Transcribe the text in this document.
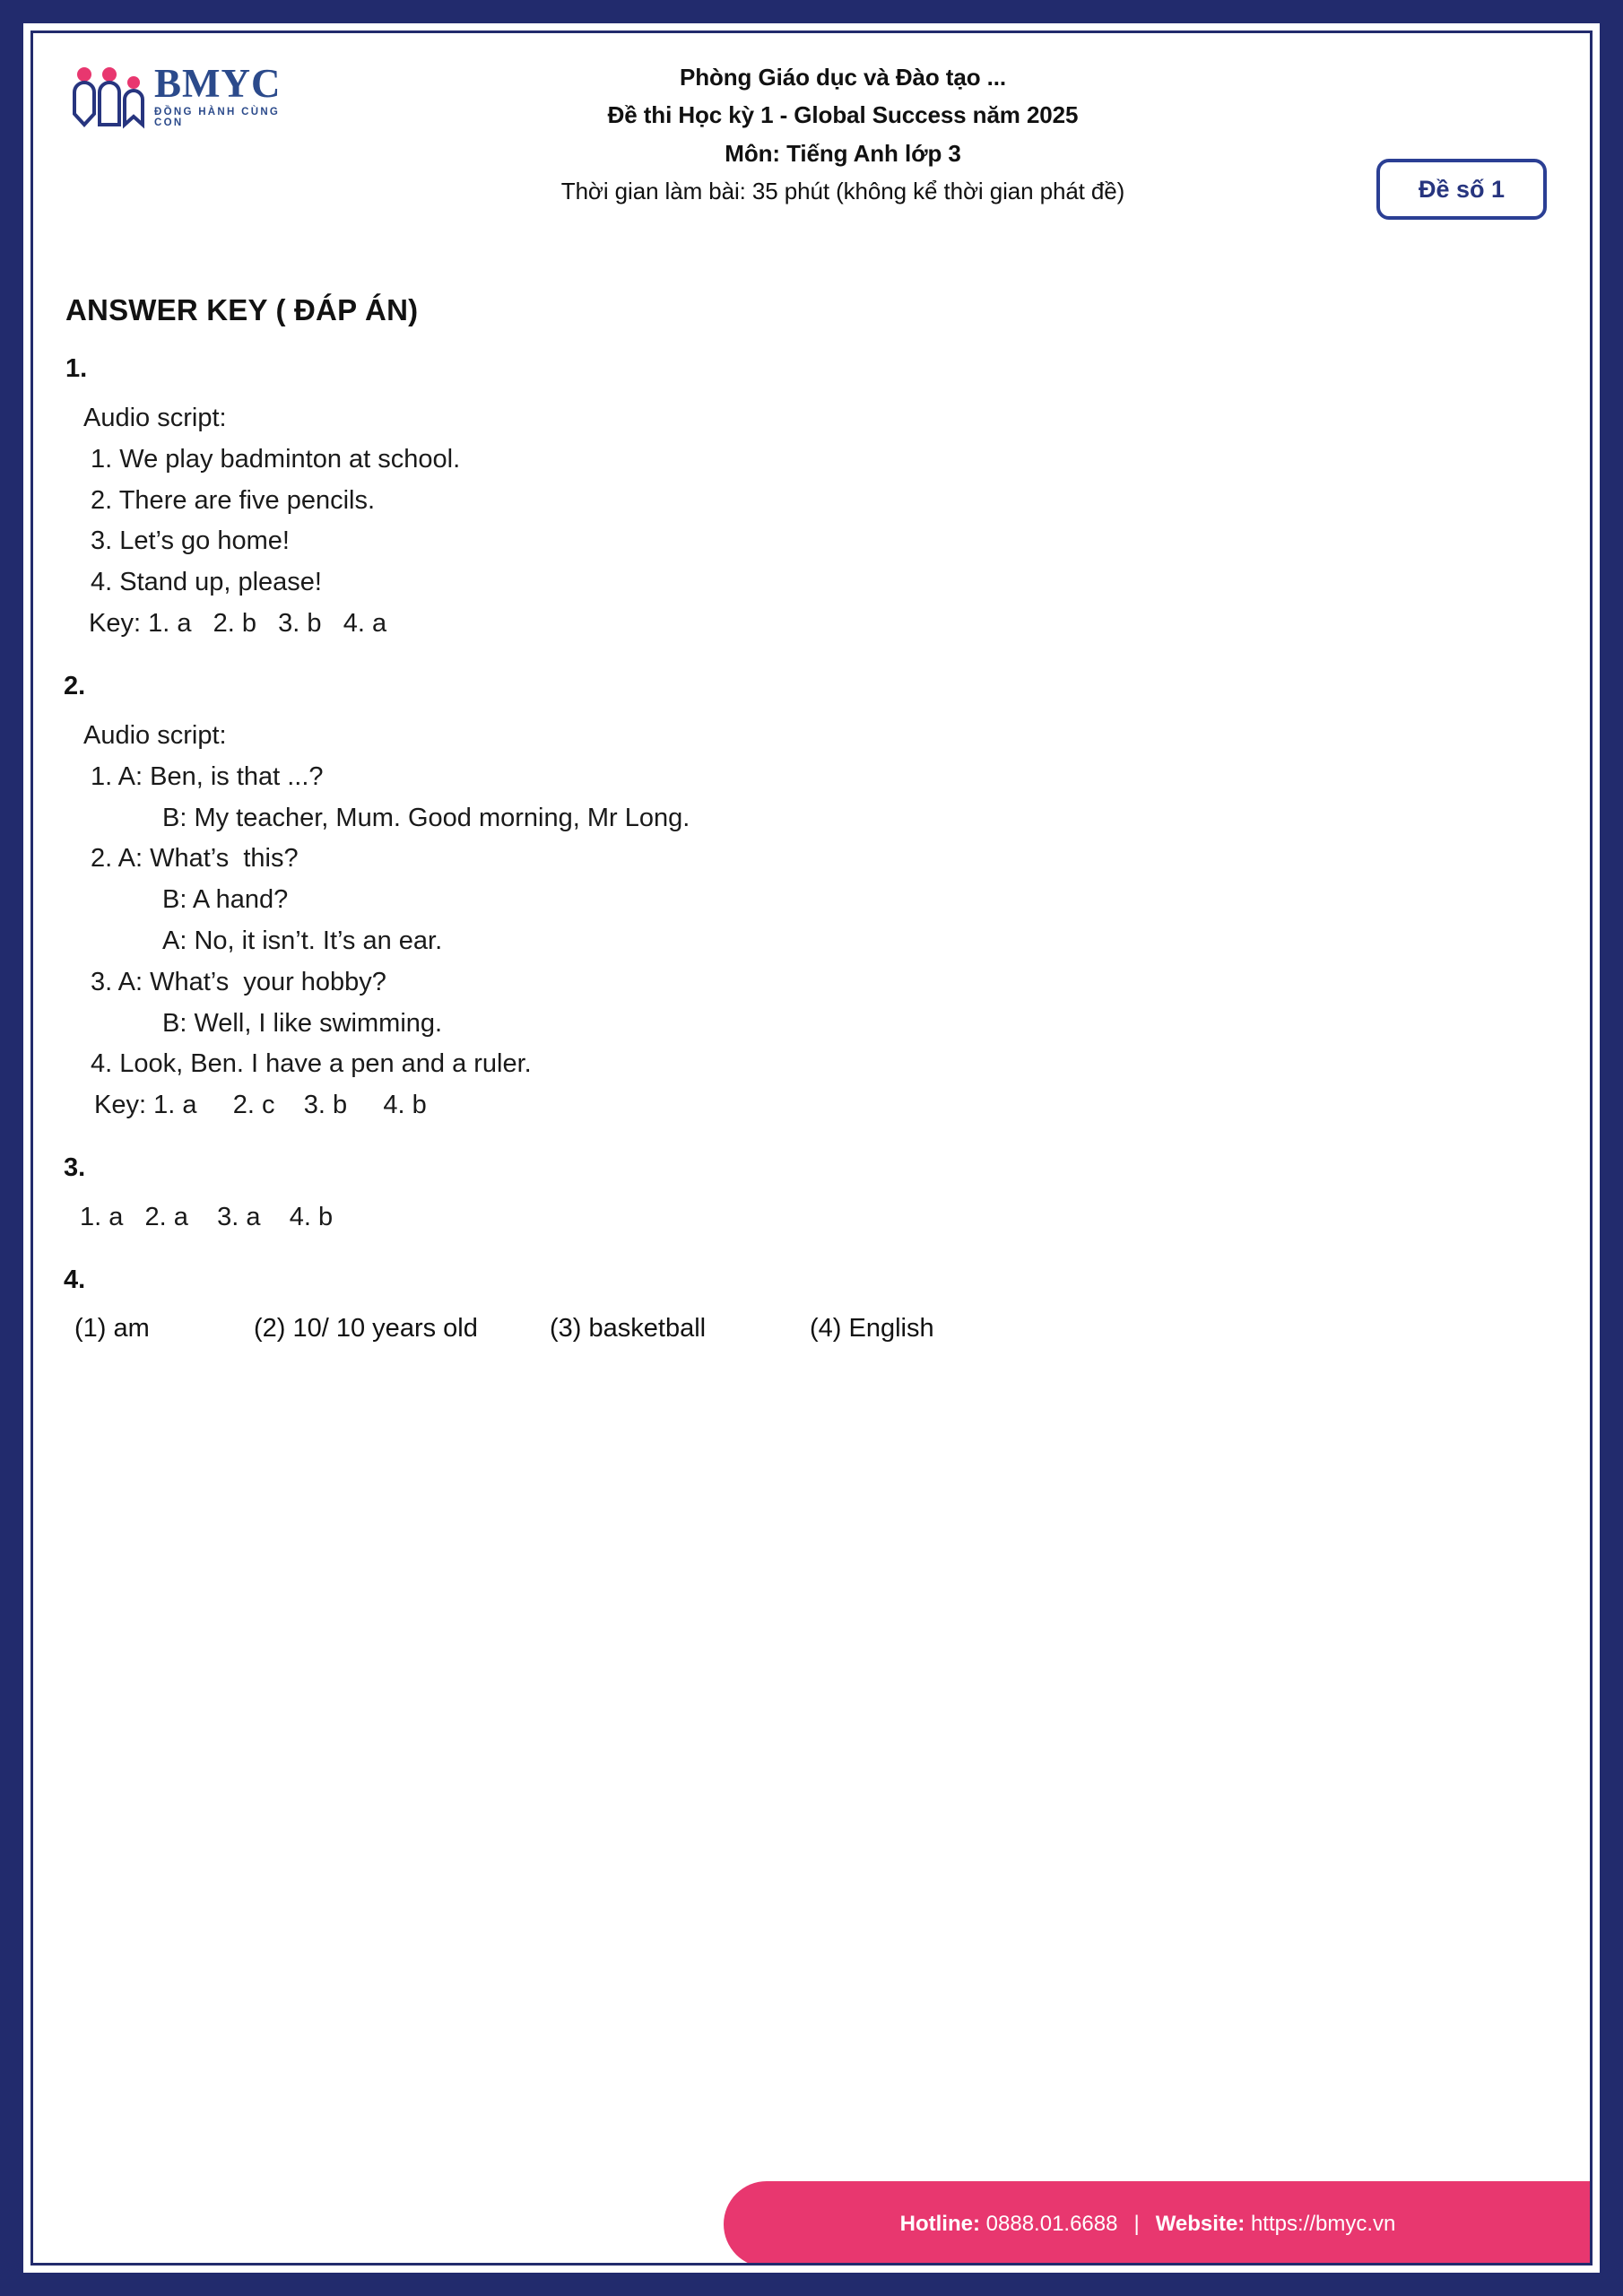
BMYC
ĐỒNG HÀNH CÙNG CON
Phòng Giáo dục và Đào tạo ...
Đề thi Học kỳ 1 - Global Success năm 2025
Môn: Tiếng Anh lớp 3
Thời gian làm bài: 35 phút (không kể thời gian phát đề)	Đề số 1
ANSWER KEY ( ĐÁP ÁN)
1.
Audio script:
1. We play badminton at school.
2. There are five pencils.
3. Let’s go home!
4. Stand up, please!
Key: 1. a   2. b   3. b   4. a
2.
Audio script:
1. A: Ben, is that ...?
B: My teacher, Mum. Good morning, Mr Long.
2. A: What’s  this?
B: A hand?
A: No, it isn’t. It’s an ear.
3. A: What’s  your hobby?
B: Well, I like swimming.
4. Look, Ben. I have a pen and a ruler.
Key: 1. a     2. c    3. b     4. b
3.
1. a   2. a    3. a    4. b
4.
(1) am	(2) 10/ 10 years old	(3) basketball	(4) English
Hotline: 0888.01.6688 | Website: https://bmyc.vn
